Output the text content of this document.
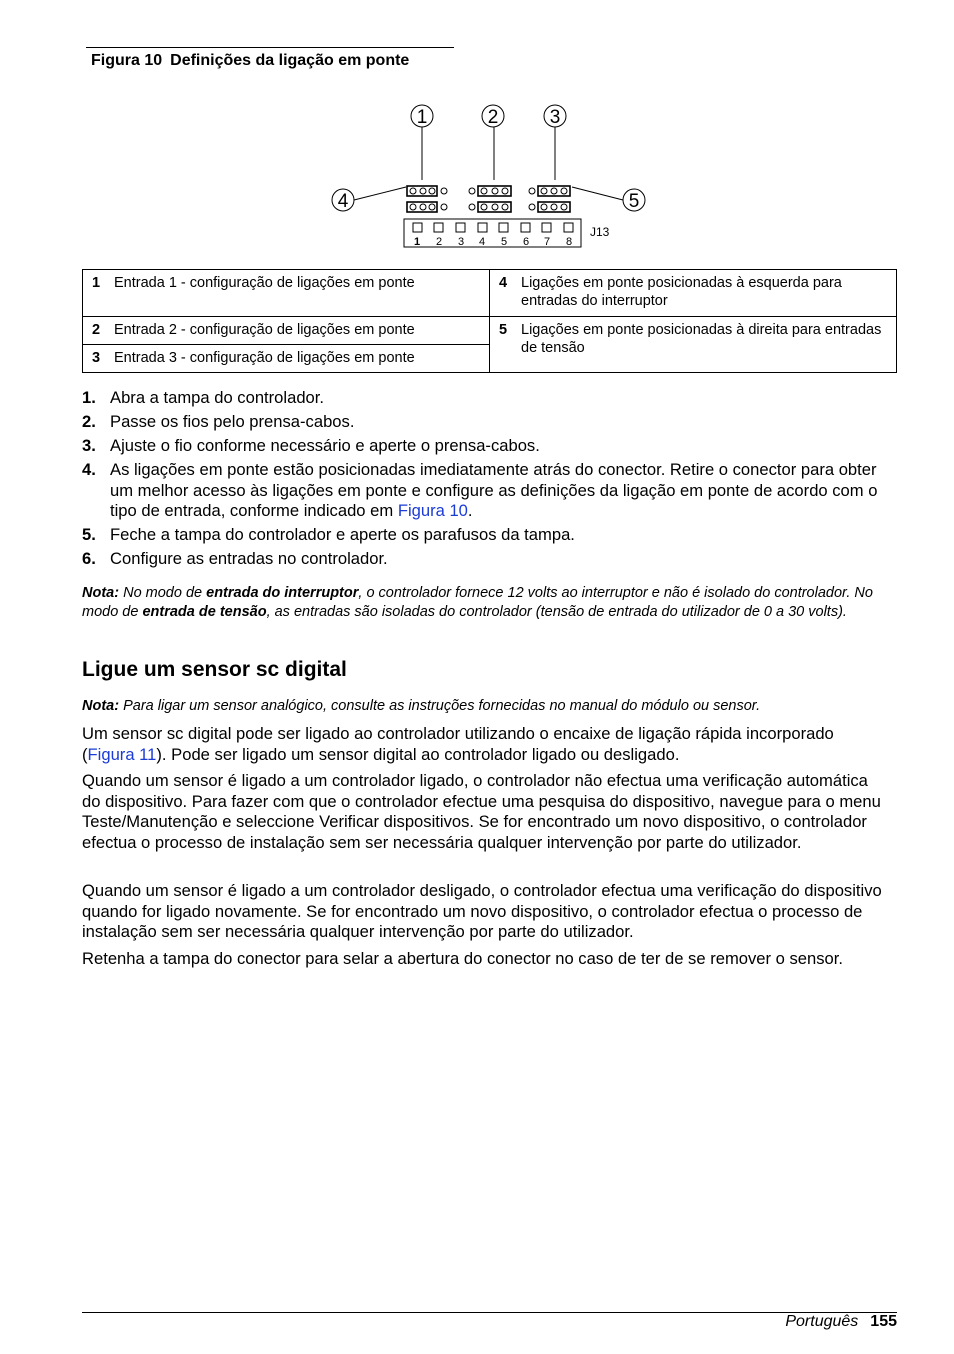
Figura 10 Definições da ligação em ponte
1	2	3
4	5
1 2 3 4 5 6 7 8
J13
1 Entrada 1 - configuração de ligações em ponte	4 Ligações em ponte posicionadas à esquerda para entradas do interruptor
2 Entrada 2 - configuração de ligações em ponte	5 Ligações em ponte posicionadas à direita para entradas de tensão
3 Entrada 3 - configuração de ligações em ponte	
1. Abra a tampa do controlador.
2. Passe os fios pelo prensa-cabos.
3. Ajuste o fio conforme necessário e aperte o prensa-cabos.
4. As ligações em ponte estão posicionadas imediatamente atrás do conector. Retire o conector para obter um melhor acesso às ligações em ponte e configure as definições da ligação em ponte de acordo com o tipo de entrada, conforme indicado em Figura 10.
5. Feche a tampa do controlador e aperte os parafusos da tampa.
6. Configure as entradas no controlador.
Nota: No modo de entrada do interruptor, o controlador fornece 12 volts ao interruptor e não é isolado do controlador. No modo de entrada de tensão, as entradas são isoladas do controlador (tensão de entrada do utilizador de 0 a 30 volts).
Ligue um sensor sc digital
Nota: Para ligar um sensor analógico, consulte as instruções fornecidas no manual do módulo ou sensor.

Um sensor sc digital pode ser ligado ao controlador utilizando o encaixe de ligação rápida incorporado (Figura 11). Pode ser ligado um sensor digital ao controlador ligado ou desligado.

Quando um sensor é ligado a um controlador ligado, o controlador não efectua uma verificação automática do dispositivo. Para fazer com que o controlador efectue uma pesquisa do dispositivo, navegue para o menu Teste/Manutenção e seleccione Verificar dispositivos. Se for encontrado um novo dispositivo, o controlador efectua o processo de instalação sem ser necessária qualquer intervenção por parte do utilizador.

Quando um sensor é ligado a um controlador desligado, o controlador efectua uma verificação do dispositivo quando for ligado novamente. Se for encontrado um novo dispositivo, o controlador efectua o processo de instalação sem ser necessária qualquer intervenção por parte do utilizador.

Retenha a tampa do conector para selar a abertura do conector no caso de ter de se remover o sensor.

Português 155
